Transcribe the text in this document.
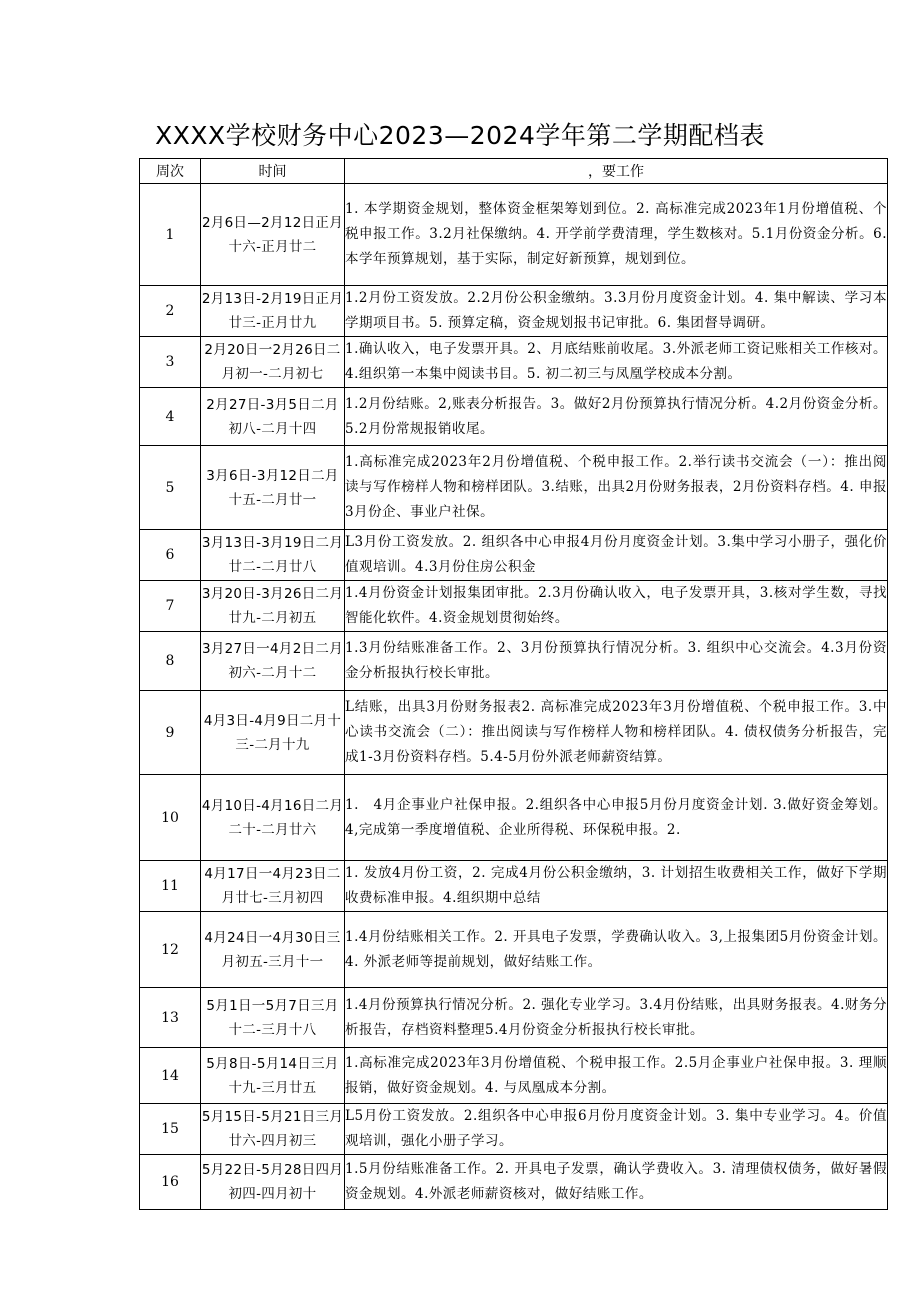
XXXX学校财务中心2023—2024学年第二学期配档表
周次	时间	，要工作
1	2月6日—2月12日正月十六-正月廿二	1. 本学期资金规划，整体资金框架筹划到位。2. 高标准完成2023年1月份增值税、个税申报工作。3.2月社保缴纳。4. 开学前学费清理，学生数核对。5.1月份资金分析。6. 本学年预算规划，基于实际，制定好新预算，规划到位。
2	2月13日-2月19日正月廿三-正月廿九	1.2月份工资发放。2.2月份公积金缴纳。3.3月份月度资金计划。4. 集中解读、学习本学期项目书。5. 预算定稿，资金规划报书记审批。6. 集团督导调研。
3	2月20日一2月26日二月初一-二月初七	1.确认收入，电子发票开具。2、月底结账前收尾。3.外派老师工资记账相关工作核对。4.组织第一本集中阅读书目。5. 初二初三与凤凰学校成本分割。
4	2月27日-3月5日二月初八-二月十四	1.2月份结账。2,账表分析报告。3。做好2月份预算执行情况分析。4.2月份资金分析。5.2月份常规报销收尾。
5	3月6日-3月12日二月十五-二月廿一	1.高标准完成2023年2月份增值税、个税申报工作。2.举行读书交流会（一）：推出阅读与写作榜样人物和榜样团队。3.结账，出具2月份财务报表，2月份资料存档。4. 申报3月份企、事业户社保。
6	3月13日-3月19日二月廿二-二月廿八	L3月份工资发放。2. 组织各中心申报4月份月度资金计划。3.集中学习小册子，强化价值观培训。4.3月份住房公积金
7	3月20日-3月26日二月廿九-二月初五	1.4月份资金计划报集团审批。2.3月份确认收入，电子发票开具，3.核对学生数，寻找智能化软件。4.资金规划贯彻始终。
8	3月27日一4月2日二月初六-二月十二	1.3月份结账准备工作。2、3月份预算执行情况分析。3. 组织中心交流会。4.3月份资金分析报执行校长审批。
9	4月3日-4月9日二月十三-二月十九	L结账，出具3月份财务报表2. 高标准完成2023年3月份增值税、个税申报工作。3.中心读书交流会（二）：推出阅读与写作榜样人物和榜样团队。4. 债权债务分析报告，完成1-3月份资料存档。5.4-5月份外派老师薪资结算。
10	4月10日-4月16日二月二十-二月廿六	1.　4月企事业户社保申报。2.组织各中心申报5月份月度资金计划. 3.做好资金筹划。4,完成第一季度增值税、企业所得税、环保税申报。2.
11	4月17日一4月23日二月廿七-三月初四	1. 发放4月份工资，2. 完成4月份公积金缴纳，3. 计划招生收费相关工作，做好下学期收费标准申报。4.组织期中总结
12	4月24日一4月30日三月初五-三月十一	1.4月份结账相关工作。2. 开具电子发票，学费确认收入。3,上报集团5月份资金计划。4. 外派老师等提前规划，做好结账工作。
13	5月1日一5月7日三月十二-三月十八	1.4月份预算执行情况分析。2. 强化专业学习。3.4月份结账，出具财务报表。4.财务分析报告，存档资料整理5.4月份资金分析报执行校长审批。
14	5月8日-5月14日三月十九-三月廿五	1.高标准完成2023年3月份增值税、个税申报工作。2.5月企事业户社保申报。3. 理顺报销，做好资金规划。4. 与凤凰成本分割。
15	5月15日-5月21日三月廿六-四月初三	L5月份工资发放。2.组织各中心申报6月份月度资金计划。3. 集中专业学习。4。价值观培训，强化小册子学习。
16	5月22日-5月28日四月初四-四月初十	1.5月份结账准备工作。2. 开具电子发票，确认学费收入。3. 清理债权债务，做好暑假资金规划。4.外派老师薪资核对，做好结账工作。
